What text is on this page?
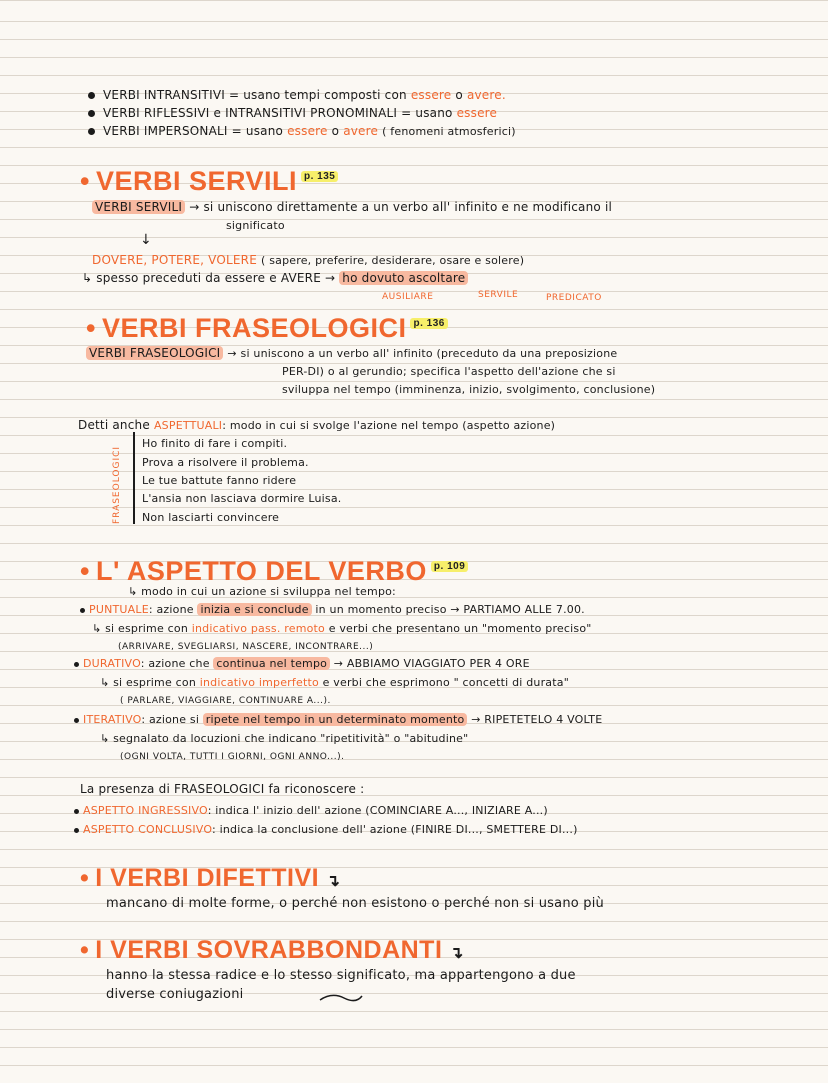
VERBI INTRANSITIVI = usano tempi composti con essere o avere.
VERBI RIFLESSIVI e INTRANSITIVI PRONOMINALI = usano essere
VERBI IMPERSONALI = usano essere o avere ( fenomeni atmosferici)
• VERBI SERVILI $^{p. 135}$
VERBI SERVILI → si uniscono direttamente a un verbo all' infinito e ne modificano il
significato
↓
DOVERE, POTERE, VOLERE ( sapere, preferire, desiderare, osare e solere)
↳ spesso preceduti da essere e AVERE → ho dovuto ascoltare
AUSILIARE	SERVILE	PREDICATO
• VERBI FRASEOLOGICI $^{p. 136}$
VERBI FRASEOLOGICI → si uniscono a un verbo all' infinito (preceduto da una preposizione
PER-DI) o al gerundio; specifica l'aspetto dell'azione che si
sviluppa nel tempo (imminenza, inizio, svolgimento, conclusione)
Detti anche ASPETTUALI: modo in cui si svolge l'azione nel tempo (aspetto azione)
FRASEOLOGICI
Ho finito di fare i compiti.
Prova a risolvere il problema.
Le tue battute fanno ridere
L'ansia non lasciava dormire Luisa.
Non lasciarti convincere
• L' ASPETTO DEL VERBO $^{p. 109}$
↳ modo in cui un azione si sviluppa nel tempo:
PUNTUALE: azione inizia e si conclude in un momento preciso → PARTIAMO ALLE 7.00.
↳ si esprime con indicativo pass. remoto e verbi che presentano un "momento preciso"
(ARRIVARE, SVEGLIARSI, NASCERE, INCONTRARE...)
DURATIVO: azione che continua nel tempo → ABBIAMO VIAGGIATO PER 4 ORE
↳ si esprime con indicativo imperfetto e verbi che esprimono " concetti di durata"
( PARLARE, VIAGGIARE, CONTINUARE A...).
ITERATIVO: azione si ripete nel tempo in un determinato momento → RIPETETELO 4 VOLTE
↳ segnalato da locuzioni che indicano "ripetitività" o "abitudine"
(OGNI VOLTA, TUTTI I GIORNI, OGNI ANNO...).
La presenza di FRASEOLOGICI fa riconoscere :
ASPETTO INGRESSIVO: indica l' inizio dell' azione (COMINCIARE A..., INIZIARE A...)
ASPETTO CONCLUSIVO: indica la conclusione dell' azione (FINIRE DI..., SMETTERE DI...)
• I VERBI DIFETTIVI ↴
mancano di molte forme, o perché non esistono o perché non si usano più
• I VERBI SOVRABBONDANTI ↴
hanno la stessa radice e lo stesso significato, ma appartengono a due
diverse coniugazioni
